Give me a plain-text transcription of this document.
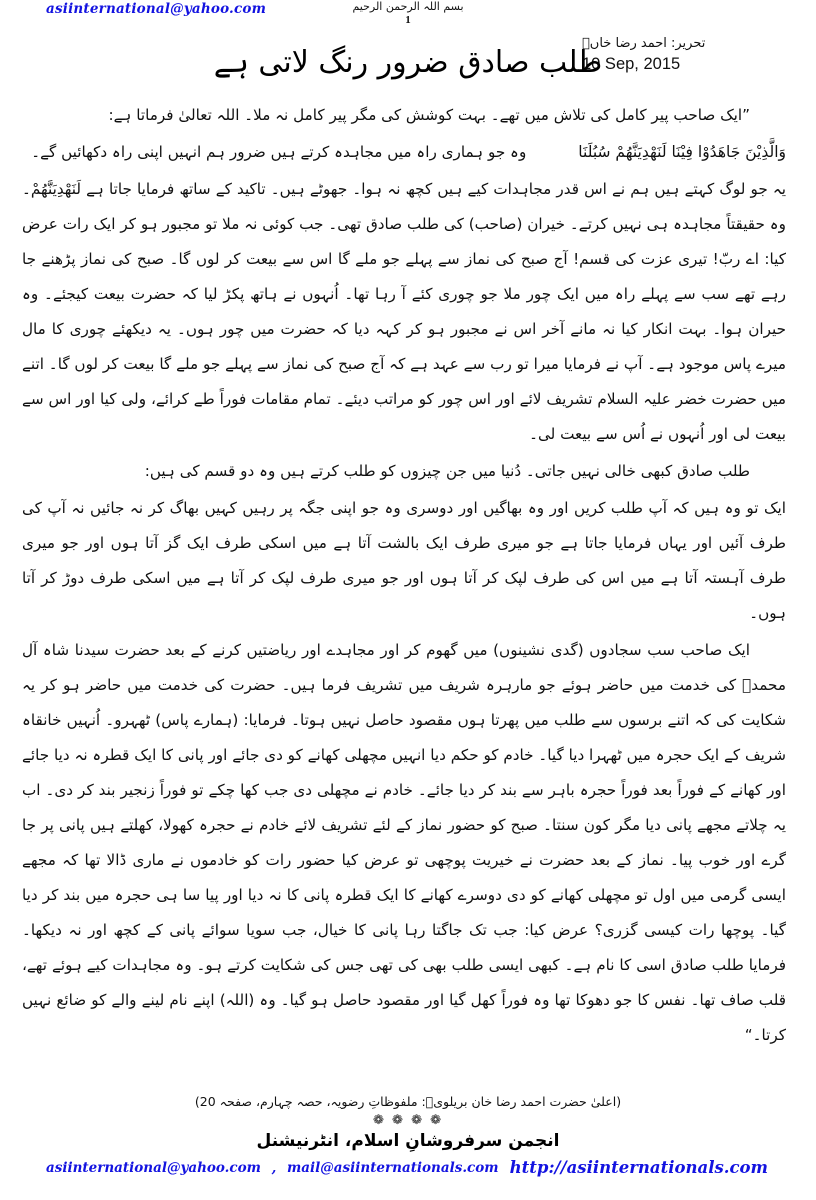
asiinternational@yahoo.com	بسم اللہ الرحمن الرحیم
1
تحریر: احمد رضا خاںؒ
10 Sep, 2015
طلب صادق ضرور رنگ لاتی ہے

”ایک صاحب پیر کامل کی تلاش میں تھے۔ بہت کوشش کی مگر پیر کامل نہ ملا۔ اللہ تعالیٰ فرماتا ہے:

وَالَّذِیْنَ جَاهَدُوْا فِیْنَا لَنَهْدِیَنَّهُمْ سُبُلَنَا
وہ جو ہماری راہ میں مجاہدہ کرتے ہیں ضرور ہم انہیں اپنی راہ دکھائیں گے۔

یہ جو لوگ کہتے ہیں ہم نے اس قدر مجاہدات کیے ہیں کچھ نہ ہوا۔ جھوٹے ہیں۔ تاکید کے ساتھ فرمایا جاتا ہے لَنَهْدِیَنَّهُمْ۔ وہ حقیقتاً مجاہدہ ہی نہیں کرتے۔ خیران (صاحب) کی طلب صادق تھی۔ جب کوئی نہ ملا تو مجبور ہو کر ایک رات عرض کیا: اے ربّ! تیری عزت کی قسم! آج صبح کی نماز سے پہلے جو ملے گا اس سے بیعت کر لوں گا۔ صبح کی نماز پڑھنے جا رہے تھے سب سے پہلے راہ میں ایک چور ملا جو چوری کئے آ رہا تھا۔ اُنہوں نے ہاتھ پکڑ لیا کہ حضرت بیعت کیجئے۔ وہ حیران ہوا۔ بہت انکار کیا نہ مانے آخر اس نے مجبور ہو کر کہہ دیا کہ حضرت میں چور ہوں۔ یہ دیکھئے چوری کا مال میرے پاس موجود ہے۔ آپ نے فرمایا میرا تو رب سے عہد ہے کہ آج صبح کی نماز سے پہلے جو ملے گا بیعت کر لوں گا۔ اتنے میں حضرت خضر علیہ السلام تشریف لائے اور اس چور کو مراتب دیئے۔ تمام مقامات فوراً طے کرائے، ولی کیا اور اس سے بیعت لی اور اُنہوں نے اُس سے بیعت لی۔

طلب صادق کبھی خالی نہیں جاتی۔ دُنیا میں جن چیزوں کو طلب کرتے ہیں وہ دو قسم کی ہیں:

ایک تو وہ ہیں کہ آپ طلب کریں اور وہ بھاگیں اور دوسری وہ جو اپنی جگہ پر رہیں کہیں بھاگ کر نہ جائیں نہ آپ کی طرف آئیں اور یہاں فرمایا جاتا ہے جو میری طرف ایک بالشت آتا ہے میں اسکی طرف ایک گز آتا ہوں اور جو میری طرف آہستہ آتا ہے میں اس کی طرف لپک کر آتا ہوں اور جو میری طرف لپک کر آتا ہے میں اسکی طرف دوڑ کر آتا ہوں۔

ایک صاحب سب سجادوں (گدی نشینوں) میں گھوم کر اور مجاہدے اور ریاضتیں کرنے کے بعد حضرت سیدنا شاہ آل محمدؒ کی خدمت میں حاضر ہوئے جو مارہرہ شریف میں تشریف فرما ہیں۔ حضرت کی خدمت میں حاضر ہو کر یہ شکایت کی کہ اتنے برسوں سے طلب میں پھرتا ہوں مقصود حاصل نہیں ہوتا۔ فرمایا: (ہمارے پاس) ٹھہرو۔ اُنہیں خانقاہ شریف کے ایک حجرہ میں ٹھہرا دیا گیا۔ خادم کو حکم دیا انہیں مچھلی کھانے کو دی جائے اور پانی کا ایک قطرہ نہ دیا جائے اور کھانے کے فوراً بعد فوراً حجرہ باہر سے بند کر دیا جائے۔ خادم نے مچھلی دی جب کھا چکے تو فوراً زنجیر بند کر دی۔ اب یہ چلاتے مجھے پانی دیا مگر کون سنتا۔ صبح کو حضور نماز کے لئے تشریف لائے خادم نے حجرہ کھولا، کھلتے ہیں پانی پر جا گرے اور خوب پیا۔ نماز کے بعد حضرت نے خیریت پوچھی تو عرض کیا حضور رات کو خادموں نے ماری ڈالا تھا کہ مجھے ایسی گرمی میں اول تو مچھلی کھانے کو دی دوسرے کھانے کا ایک قطرہ پانی کا نہ دیا اور پیا سا ہی حجرہ میں بند کر دیا گیا۔ پوچھا رات کیسی گزری؟ عرض کیا: جب تک جاگتا رہا پانی کا خیال، جب سویا سوائے پانی کے کچھ اور نہ دیکھا۔ فرمایا طلب صادق اسی کا نام ہے۔ کبھی ایسی طلب بھی کی تھی جس کی شکایت کرتے ہو۔ وہ مجاہدات کیے ہوئے تھے، قلب صاف تھا۔ نفس کا جو دھوکا تھا وہ فوراً کھل گیا اور مقصود حاصل ہو گیا۔ وہ (اللہ) اپنے نام لینے والے کو ضائع نہیں کرتا۔“

(اعلیٰ حضرت احمد رضا خان بریلویؒ: ملفوظاتِ رضویہ، حصہ چہارم، صفحہ 20)
❁ ❁ ❁ ❁
انجمن سرفروشانِ اسلام، انٹرنیشنل
asiinternational@yahoo.com , mail@asiinternationals.com http://asiinternationals.com
